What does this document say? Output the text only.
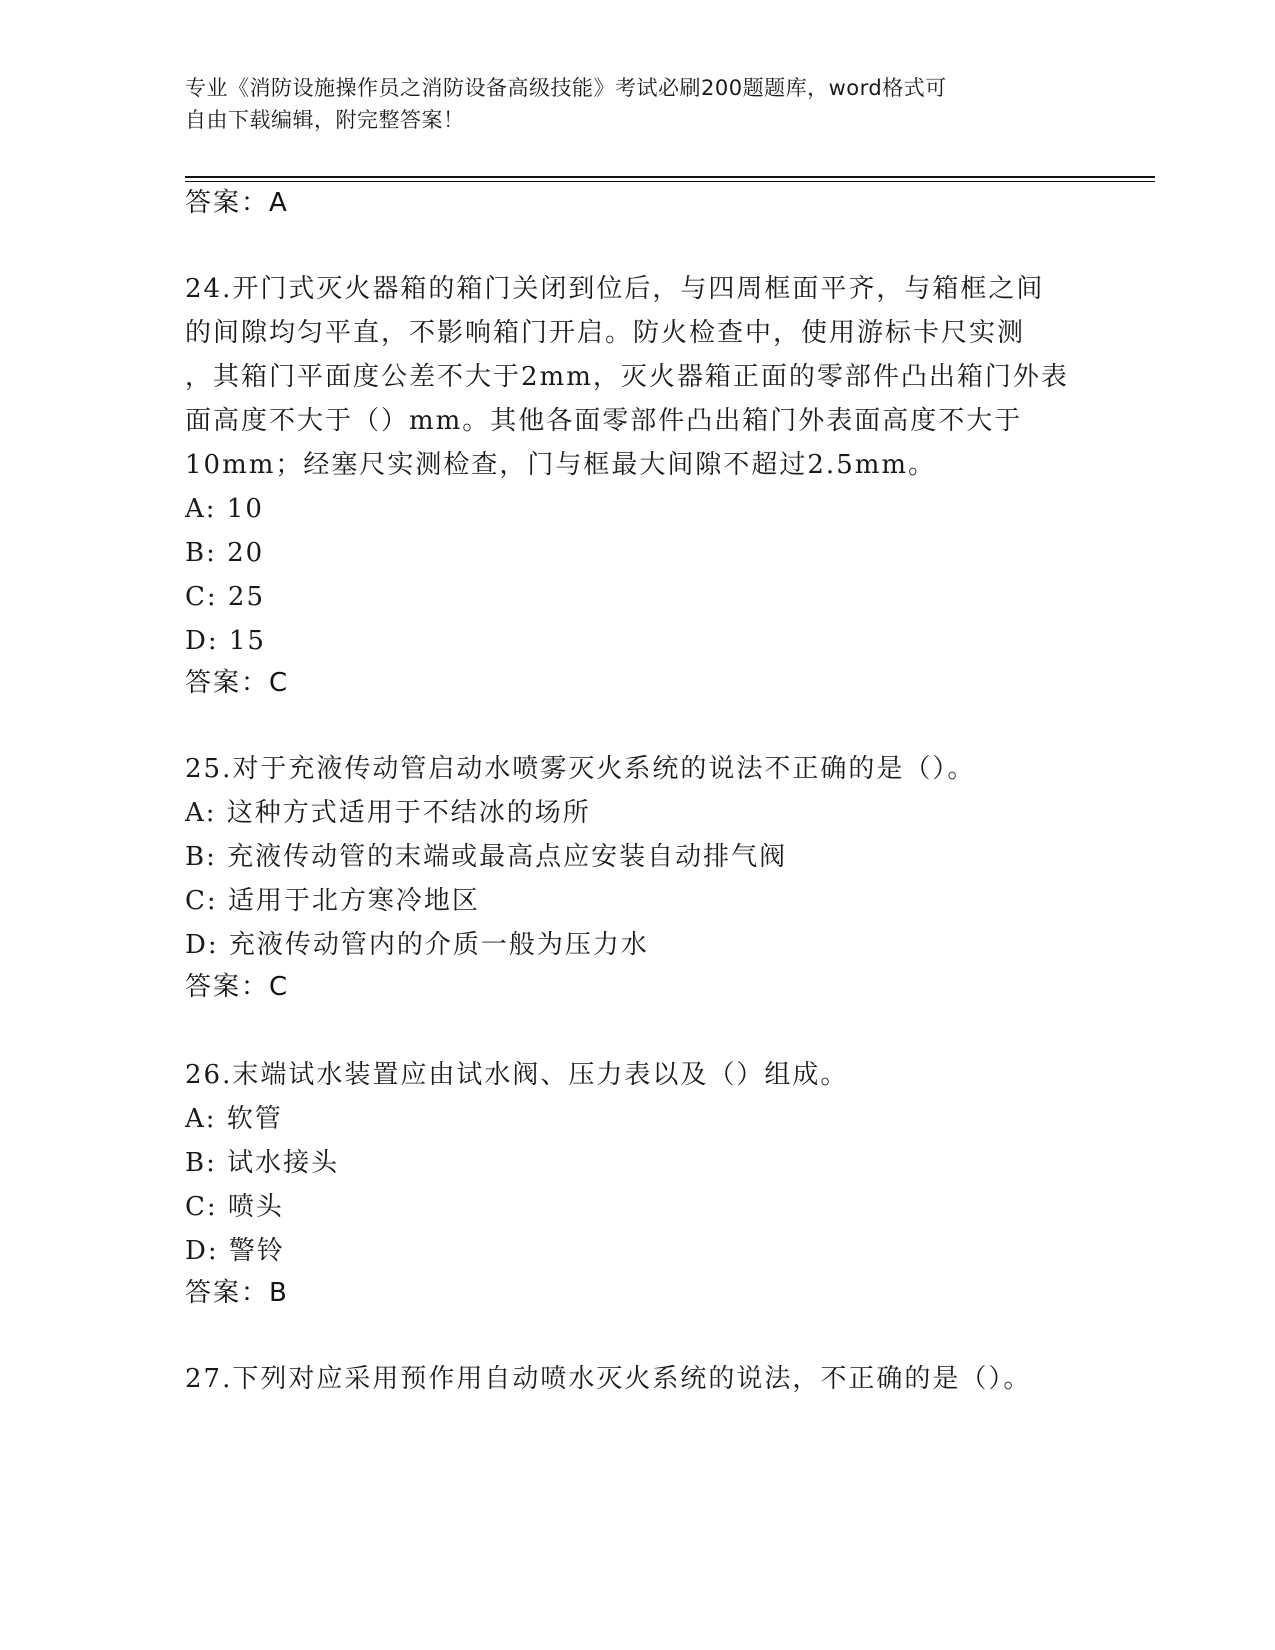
专业《消防设施操作员之消防设备高级技能》考试必刷200题题库，word格式可
自由下载编辑，附完整答案！
答案：A
24.开门式灭火器箱的箱门关闭到位后，与四周框面平齐，与箱框之间
的间隙均匀平直，不影响箱门开启。防火检查中，使用游标卡尺实测
，其箱门平面度公差不大于2mm，灭火器箱正面的零部件凸出箱门外表
面高度不大于（）mm。其他各面零部件凸出箱门外表面高度不大于
10mm；经塞尺实测检查，门与框最大间隙不超过2.5mm。
A: 10
B: 20
C: 25
D: 15
答案：C
25.对于充液传动管启动水喷雾灭火系统的说法不正确的是（）。
A: 这种方式适用于不结冰的场所
B: 充液传动管的末端或最高点应安装自动排气阀
C: 适用于北方寒冷地区
D: 充液传动管内的介质一般为压力水
答案：C
26.末端试水装置应由试水阀、压力表以及（）组成。
A: 软管
B: 试水接头
C: 喷头
D: 警铃
答案：B
27.下列对应采用预作用自动喷水灭火系统的说法，不正确的是（）。
